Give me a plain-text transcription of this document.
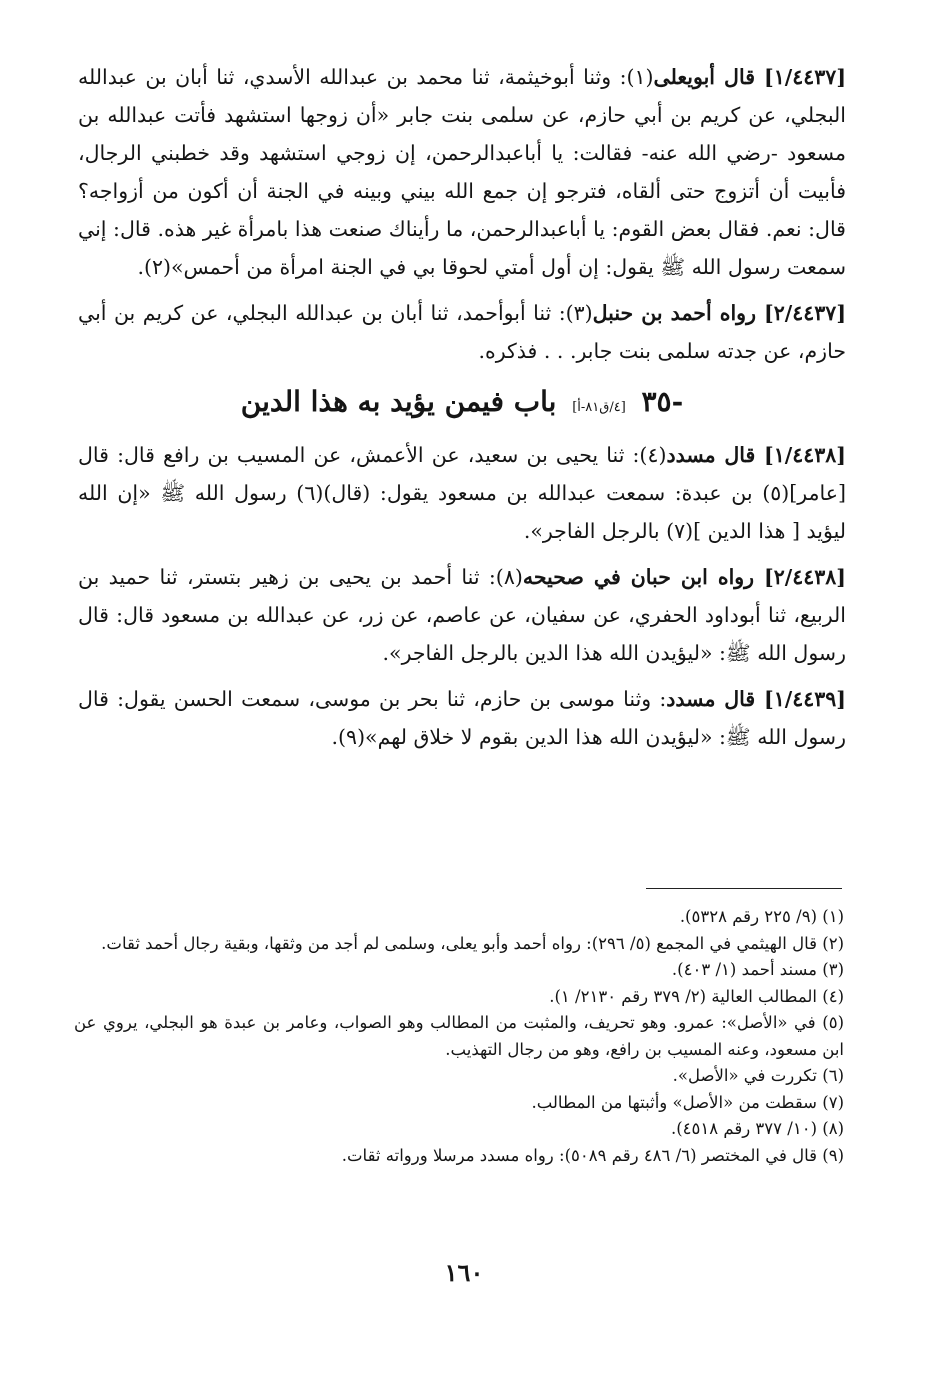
[١/٤٤٣٧] قال أبويعلى(١): وثنا أبوخيثمة، ثنا محمد بن عبدالله الأسدي، ثنا أبان بن عبدالله البجلي، عن كريم بن أبي حازم، عن سلمى بنت جابر «أن زوجها استشهد فأتت عبدالله بن مسعود -رضي الله عنه- فقالت: يا أباعبدالرحمن، إن زوجي استشهد وقد خطبني الرجال، فأبيت أن أتزوج حتى ألقاه، فترجو إن جمع الله بيني وبينه في الجنة أن أكون من أزواجه؟ قال: نعم. فقال بعض القوم: يا أباعبدالرحمن، ما رأيناك صنعت هذا بامرأة غير هذه. قال: إني سمعت رسول الله ﷺ يقول: إن أول أمتي لحوقا بي في الجنة امرأة من أحمس»(٢).

[٢/٤٤٣٧] رواه أحمد بن حنبل(٣): ثنا أبوأحمد، ثنا أبان بن عبدالله البجلي، عن كريم بن أبي حازم، عن جدته سلمى بنت جابر. . . فذكره.

-٣٥ [٤/ق٨١-أ] باب فيمن يؤيد به هذا الدين

[١/٤٤٣٨] قال مسدد(٤): ثنا يحيى بن سعيد، عن الأعمش، عن المسيب بن رافع قال: قال [عامر](٥) بن عبدة: سمعت عبدالله بن مسعود يقول: (قال)(٦) رسول الله ﷺ «إن الله ليؤيد [ هذا الدين ](٧) بالرجل الفاجر».

[٢/٤٤٣٨] رواه ابن حبان في صحيحه(٨): ثنا أحمد بن يحيى بن زهير بتستر، ثنا حميد بن الربيع، ثنا أبوداود الحفري، عن سفيان، عن عاصم، عن زر، عن عبدالله بن مسعود قال: قال رسول الله ﷺ: «ليؤيدن الله هذا الدين بالرجل الفاجر».

[١/٤٤٣٩] قال مسدد: وثنا موسى بن حازم، ثنا بحر بن موسى، سمعت الحسن يقول: قال رسول الله ﷺ: «ليؤيدن الله هذا الدين بقوم لا خلاق لهم»(٩).

(١) (٩/ ٢٢٥ رقم ٥٣٢٨).

(٢) قال الهيثمي في المجمع (٥/ ٢٩٦): رواه أحمد وأبو يعلى، وسلمى لم أجد من وثقها، وبقية رجال أحمد ثقات.

(٣) مسند أحمد (١/ ٤٠٣).

(٤) المطالب العالية (٢/ ٣٧٩ رقم ٢١٣٠/ ١).

(٥) في «الأصل»: عمرو. وهو تحريف، والمثبت من المطالب وهو الصواب، وعامر بن عبدة هو البجلي، يروي عن ابن مسعود، وعنه المسيب بن رافع، وهو من رجال التهذيب.

(٦) تكررت في «الأصل».

(٧) سقطت من «الأصل» وأثبتها من المطالب.

(٨) (١٠/ ٣٧٧ رقم ٤٥١٨).

(٩) قال في المختصر (٦/ ٤٨٦ رقم ٥٠٨٩): رواه مسدد مرسلا ورواته ثقات.

١٦٠
